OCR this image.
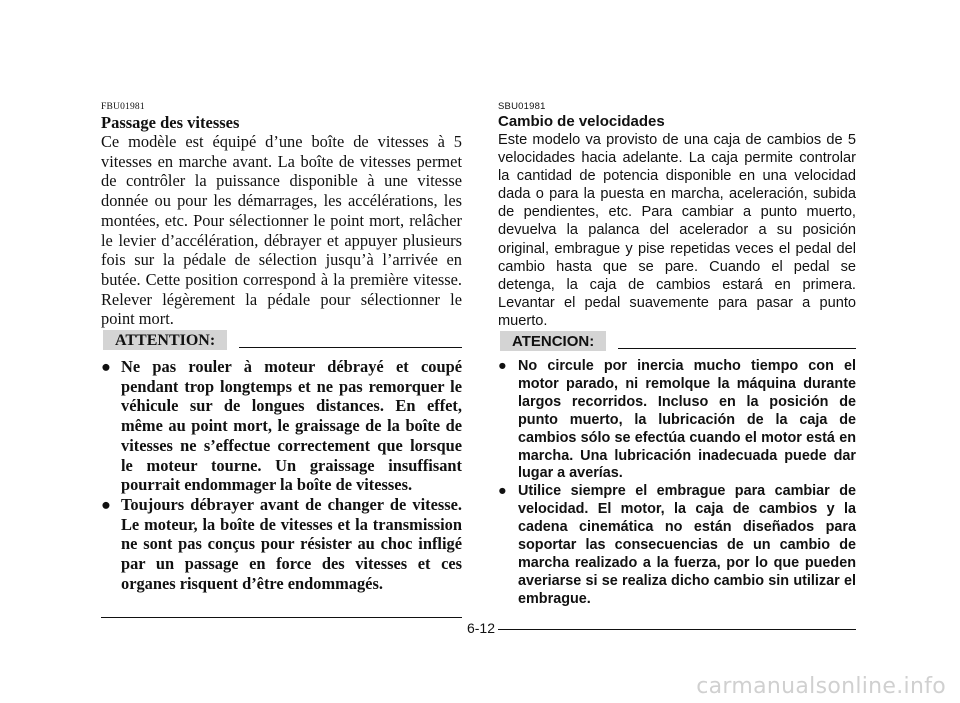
FBU01981
Passage des vitesses
Ce modèle est équipé d’une boîte de vitesses à 5 vitesses en marche avant. La boîte de vitesses permet de contrôler la puissance disponible à une vitesse donnée ou pour les démarrages, les accélérations, les montées, etc. Pour sélectionner le point mort, relâcher le levier d’accélération, débrayer et appuyer plusieurs fois sur la pédale de sélection jusqu’à l’arrivée en butée. Cette position correspond à la première vitesse. Relever légèrement la pédale pour sélectionner le point mort.
ATTENTION:
● Ne pas rouler à moteur débrayé et coupé pendant trop longtemps et ne pas remorquer le véhicule sur de longues distances. En effet, même au point mort, le graissage de la boîte de vitesses ne s’effectue correctement que lorsque le moteur tourne. Un graissage insuffisant pourrait endommager la boîte de vitesses.
● Toujours débrayer avant de changer de vitesse. Le moteur, la boîte de vitesses et la transmission ne sont pas conçus pour résister au choc infligé par un passage en force des vitesses et ces organes risquent d’être endommagés.
SBU01981
Cambio de velocidades
Este modelo va provisto de una caja de cambios de 5 velocidades hacia adelante. La caja permite controlar la cantidad de potencia disponible en una velocidad dada o para la puesta en marcha, aceleración, subida de pendientes, etc. Para cambiar a punto muerto, devuelva la palanca del acelerador a su posición original, embrague y pise repetidas veces el pedal del cambio hasta que se pare. Cuando el pedal se detenga, la caja de cambios estará en primera. Levantar el pedal suavemente para pasar a punto muerto.
ATENCION:
● No circule por inercia mucho tiempo con el motor parado, ni remolque la máquina durante largos recorridos. Incluso en la posición de punto muerto, la lubricación de la caja de cambios sólo se efectúa cuando el motor está en marcha. Una lubricación inadecuada puede dar lugar a averías.
● Utilice siempre el embrague para cambiar de velocidad. El motor, la caja de cambios y la cadena cinemática no están diseñados para soportar las consecuencias de un cambio de marcha realizado a la fuerza, por lo que pueden averiarse si se realiza dicho cambio sin utilizar el embrague.
6-12
carmanualsonline.info
